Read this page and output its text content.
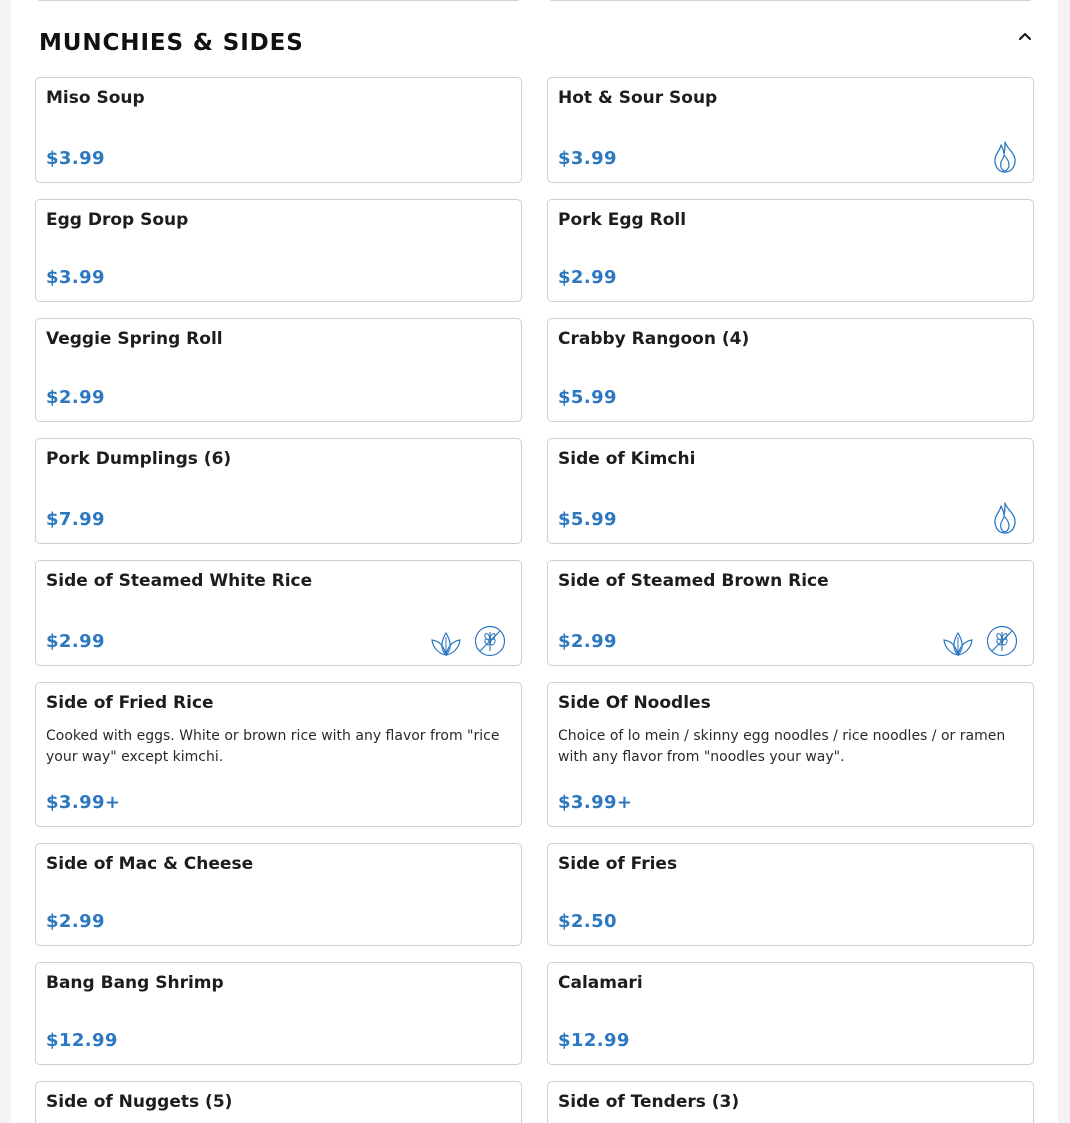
MUNCHIES & SIDES
Miso Soup
$3.99
Hot & Sour Soup
$3.99
Egg Drop Soup
$3.99
Pork Egg Roll
$2.99
Veggie Spring Roll
$2.99
Crabby Rangoon (4)
$5.99
Pork Dumplings (6)
$7.99
Side of Kimchi
$5.99
Side of Steamed White Rice
$2.99
Side of Steamed Brown Rice
$2.99
Side of Fried Rice
Cooked with eggs. White or brown rice with any flavor from "rice your way" except kimchi.
$3.99+
Side Of Noodles
Choice of lo mein / skinny egg noodles / rice noodles / or ramen with any flavor from "noodles your way".
$3.99+
Side of Mac & Cheese
$2.99
Side of Fries
$2.50
Bang Bang Shrimp
$12.99
Calamari
$12.99
Side of Nuggets (5)	Side of Tenders (3)
